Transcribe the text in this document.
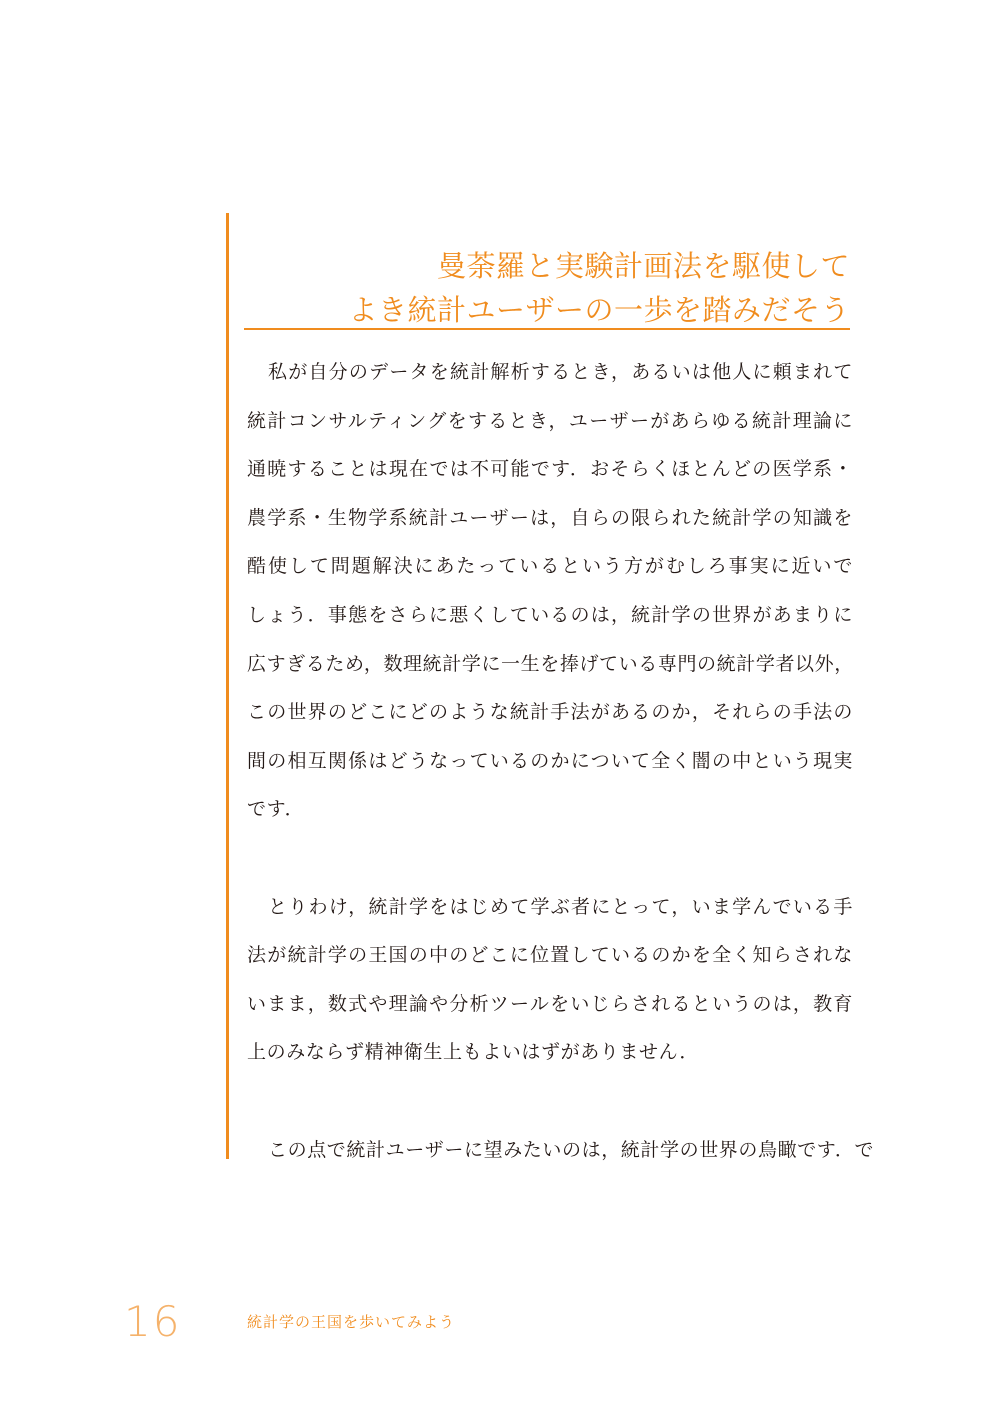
曼荼羅と実験計画法を駆使して
よき統計ユーザーの一歩を踏みだそう
私が自分のデータを統計解析するとき，あるいは他人に頼まれて
統計コンサルティングをするとき，ユーザーがあらゆる統計理論に
通暁することは現在では不可能です．おそらくほとんどの医学系・
農学系・生物学系統計ユーザーは，自らの限られた統計学の知識を
酷使して問題解決にあたっているという方がむしろ事実に近いで
しょう．事態をさらに悪くしているのは，統計学の世界があまりに
広すぎるため，数理統計学に一生を捧げている専門の統計学者以外，
この世界のどこにどのような統計手法があるのか，それらの手法の
間の相互関係はどうなっているのかについて全く闇の中という現実
です．
とりわけ，統計学をはじめて学ぶ者にとって，いま学んでいる手
法が統計学の王国の中のどこに位置しているのかを全く知らされな
いまま，数式や理論や分析ツールをいじらされるというのは，教育
上のみならず精神衛生上もよいはずがありません．
この点で統計ユーザーに望みたいのは，統計学の世界の鳥瞰です．で
16	統計学の王国を歩いてみよう
